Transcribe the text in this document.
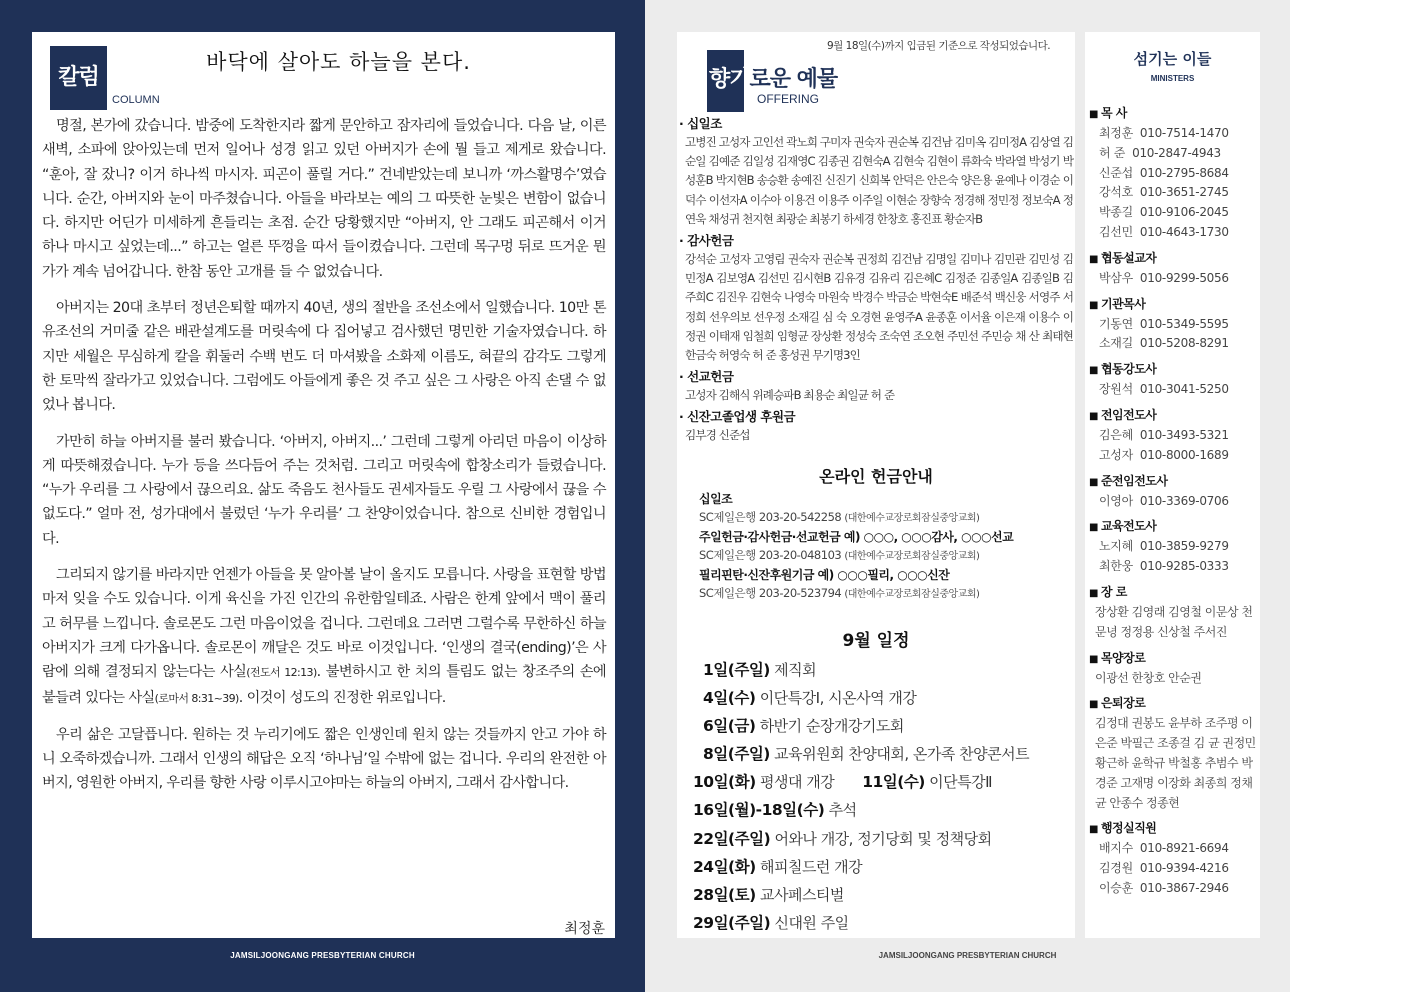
칼럼
COLUMN
바닥에 살아도 하늘을 본다.

명절, 본가에 갔습니다. 밤중에 도착한지라 짧게 문안하고 잠자리에 들었습니다. 다음 날, 이른 새벽, 소파에 앉아있는데 먼저 일어나 성경 읽고 있던 아버지가 손에 뭘 들고 제게로 왔습니다. “훈아, 잘 잤니? 이거 하나씩 마시자. 피곤이 풀릴 거다.” 건네받았는데 보니까 ‘까스활명수’였습니다. 순간, 아버지와 눈이 마주쳤습니다. 아들을 바라보는 예의 그 따뜻한 눈빛은 변함이 없습니다. 하지만 어딘가 미세하게 흔들리는 초점. 순간 당황했지만 “아버지, 안 그래도 피곤해서 이거 하나 마시고 싶었는데...” 하고는 얼른 뚜껑을 따서 들이켰습니다. 그런데 목구멍 뒤로 뜨거운 뭔가가 계속 넘어갑니다. 한참 동안 고개를 들 수 없었습니다.

아버지는 20대 초부터 정년은퇴할 때까지 40년, 생의 절반을 조선소에서 일했습니다. 10만 톤 유조선의 거미줄 같은 배관설계도를 머릿속에 다 집어넣고 검사했던 명민한 기술자였습니다. 하지만 세월은 무심하게 칼을 휘둘러 수백 번도 더 마셔봤을 소화제 이름도, 혀끝의 감각도 그렇게 한 토막씩 잘라가고 있었습니다. 그럼에도 아들에게 좋은 것 주고 싶은 그 사랑은 아직 손댈 수 없었나 봅니다.

가만히 하늘 아버지를 불러 봤습니다. ‘아버지, 아버지...’ 그런데 그렇게 아리던 마음이 이상하게 따뜻해졌습니다. 누가 등을 쓰다듬어 주는 것처럼. 그리고 머릿속에 합창소리가 들렸습니다. “누가 우리를 그 사랑에서 끊으리요. 삶도 죽음도 천사들도 권세자들도 우릴 그 사랑에서 끊을 수 없도다.” 얼마 전, 성가대에서 불렀던 ‘누가 우리를’ 그 찬양이었습니다. 참으로 신비한 경험입니다.

그리되지 않기를 바라지만 언젠가 아들을 못 알아볼 날이 올지도 모릅니다. 사랑을 표현할 방법마저 잊을 수도 있습니다. 이게 육신을 가진 인간의 유한함일테죠. 사람은 한계 앞에서 맥이 풀리고 허무를 느낍니다. 솔로몬도 그런 마음이었을 겁니다. 그런데요 그러면 그럴수록 무한하신 하늘 아버지가 크게 다가옵니다. 솔로몬이 깨달은 것도 바로 이것입니다. ‘인생의 결국(ending)’은 사람에 의해 결정되지 않는다는 사실(전도서 12:13). 불변하시고 한 치의 틀림도 없는 창조주의 손에 붙들려 있다는 사실(로마서 8:31~39). 이것이 성도의 진정한 위로입니다.

우리 삶은 고달픕니다. 원하는 것 누리기에도 짧은 인생인데 원치 않는 것들까지 안고 가야 하니 오죽하겠습니까. 그래서 인생의 해답은 오직 ‘하나님’일 수밖에 없는 겁니다. 우리의 완전한 아버지, 영원한 아버지, 우리를 향한 사랑 이루시고야마는 하늘의 아버지, 그래서 감사합니다.

최정훈
JAMSILJOONGANG PRESBYTERIAN CHURCH
9월 18일(수)까지 입금된 기준으로 작성되었습니다.
향기로운 예물
OFFERING
· 십일조
고병진 고성자 고인선 곽노희 구미자 권숙자 권순복 김건남 김미옥 김미정A 김상열 김순일 김예준 김일성 김재영C 김종권 김현숙A 김현숙 김현이 류화숙 박라열 박성기 박성훈B 박지현B 송승환 송예진 신진기 신희복 안덕은 안은숙 양은용 윤예나 이경순 이덕수 이선자A 이수아 이용건 이용주 이주일 이현순 장향숙 정경해 정민정 정보숙A 정연욱 채성귀 천지현 최광순 최봉기 하세경 한창호 홍진표 황순자B
· 감사헌금
강석순 고성자 고영림 권숙자 권순복 권정희 김건남 김명일 김미나 김민관 김민성 김민정A 김보영A 김선민 김시현B 김유경 김유리 김은혜C 김정준 김종일A 김종일B 김주희C 김진우 김현숙 나영숙 마원숙 박경수 박금순 박현숙E 배준석 백신웅 서영주 서정희 선우의보 선우정 소재길 심 숙 오경현 윤영주A 윤종훈 이서율 이은재 이용수 이정권 이태재 임철희 임형균 장상환 정성숙 조숙연 조오현 주민선 주민승 채 산 최태현 한금숙 허영숙 허 준 홍성권 무기명3인
· 선교헌금
고성자 김해식 위례승파B 최용순 최일균 허 준
· 신잔고졸업생 후원금
김부경 신준섭
온라인 헌금안내
십일조
SC제일은행 203-20-542258 (대한예수교장로회잠실중앙교회)
주일헌금·감사헌금·선교헌금 예) ○○○, ○○○감사, ○○○선교
SC제일은행 203-20-048103 (대한예수교장로회잠실중앙교회)
필리핀탄·신잔후원기금 예) ○○○필리, ○○○신잔
SC제일은행 203-20-523794 (대한예수교장로회잠실중앙교회)
9월 일정
1일(주일) 제직회
4일(수) 이단특강Ⅰ, 시온사역 개강
6일(금) 하반기 순장개강기도회
8일(주일) 교육위원회 찬양대회, 온가족 찬양콘서트
10일(화) 평생대 개강 11일(수) 이단특강Ⅱ
16일(월)-18일(수) 추석
22일(주일) 어와나 개강, 정기당회 및 정책당회
24일(화) 해피칠드런 개강
28일(토) 교사페스티벌
29일(주일) 신대원 주일
섬기는 이들
MINISTERS
■ 목 사
최정훈 010-7514-1470
허 준 010-2847-4943
신준섭 010-2795-8684
강석호 010-3651-2745
박종길 010-9106-2045
김선민 010-4643-1730
■ 협동설교자
박삼우 010-9299-5056
■ 기관목사
기동연 010-5349-5595
소재길 010-5208-8291
■ 협동강도사
장원석 010-3041-5250
■ 전임전도사
김은혜 010-3493-5321
고성자 010-8000-1689
■ 준전임전도사
이영아 010-3369-0706
■ 교육전도사
노지혜 010-3859-9279
최한웅 010-9285-0333
■ 장 로
장상환 김영래 김영철 이문상 천문녕 정정용 신상철 주서진
■ 목양장로
이광선 한창호 안순권
■ 은퇴장로
김정대 권봉도 윤부하 조주평 이은준 박필근 조종걸 김 균 권정민 황근하 윤학규 박철홍 추범수 박경준 고재명 이장화 최종희 정채균 안종수 정종현
■ 행정실직원
배지수 010-8921-6694
김경원 010-9394-4216
이승훈 010-3867-2946
JAMSILJOONGANG PRESBYTERIAN CHURCH
